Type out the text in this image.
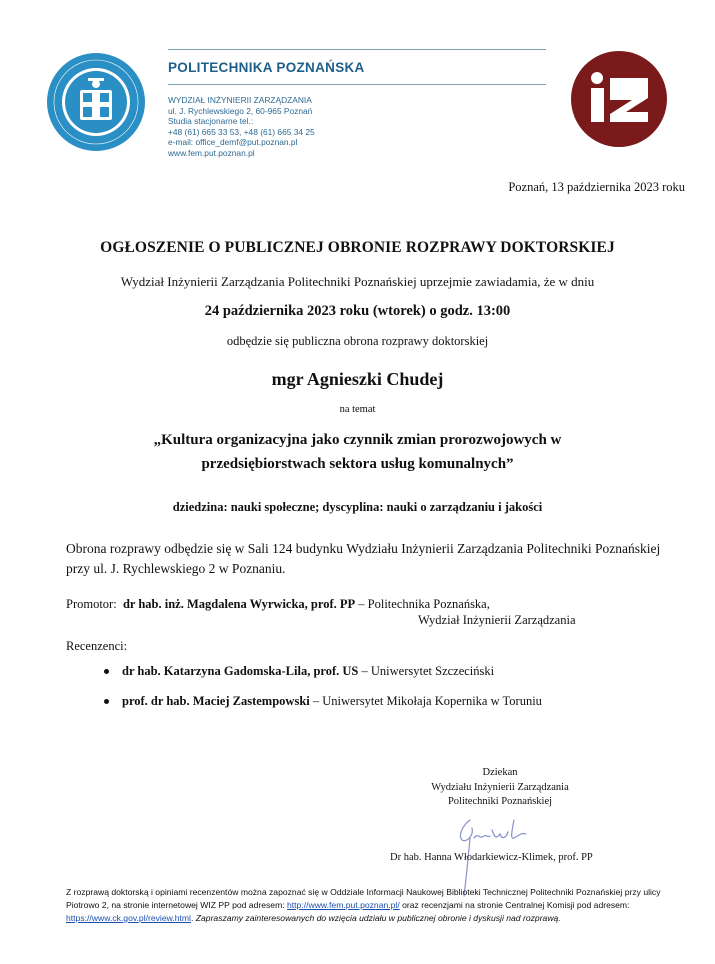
POLITECHNIKA POZNAŃSKA
WYDZIAŁ INŻYNIERII ZARZĄDZANIA
ul. J. Rychlewskiego 2, 60-965 Poznań
Studia stacjonarne tel.:
+48 (61) 665 33 53, +48 (61) 665 34 25
e-mail: office_demf@put.poznan.pl
www.fem.put.poznan.pl
Poznań, 13 października 2023 roku
OGŁOSZENIE O PUBLICZNEJ OBRONIE ROZPRAWY DOKTORSKIEJ
Wydział Inżynierii Zarządzania Politechniki Poznańskiej uprzejmie zawiadamia, że w dniu
24 października 2023 roku (wtorek) o godz. 13:00
odbędzie się publiczna obrona rozprawy doktorskiej
mgr Agnieszki Chudej
na temat
„Kultura organizacyjna jako czynnik zmian prorozwojowych w
przedsiębiorstwach sektora usług komunalnych”
dziedzina: nauki społeczne; dyscyplina: nauki o zarządzaniu i jakości
Obrona rozprawy odbędzie się w Sali 124 budynku Wydziału Inżynierii Zarządzania Politechniki Poznańskiej przy ul. J. Rychlewskiego 2 w Poznaniu.
Promotor: dr hab. inż. Magdalena Wyrwicka, prof. PP – Politechnika Poznańska,
Wydział Inżynierii Zarządzania
Recenzenci:
dr hab. Katarzyna Gadomska-Lila, prof. US – Uniwersytet Szczeciński
prof. dr hab. Maciej Zastempowski – Uniwersytet Mikołaja Kopernika w Toruniu
Dziekan
Wydziału Inżynierii Zarządzania
Politechniki Poznańskiej
Dr hab. Hanna Włodarkiewicz-Klimek, prof. PP
Z rozprawą doktorską i opiniami recenzentów można zapoznać się w Oddziale Informacji Naukowej Biblioteki Technicznej Politechniki Poznańskiej przy ulicy Piotrowo 2, na stronie internetowej WIZ PP pod adresem: http://www.fem.put.poznan.pl/ oraz recenzjami na stronie Centralnej Komisji pod adresem: https://www.ck.gov.pl/review.html. Zapraszamy zainteresowanych do wzięcia udziału w publicznej obronie i dyskusji nad rozprawą.
